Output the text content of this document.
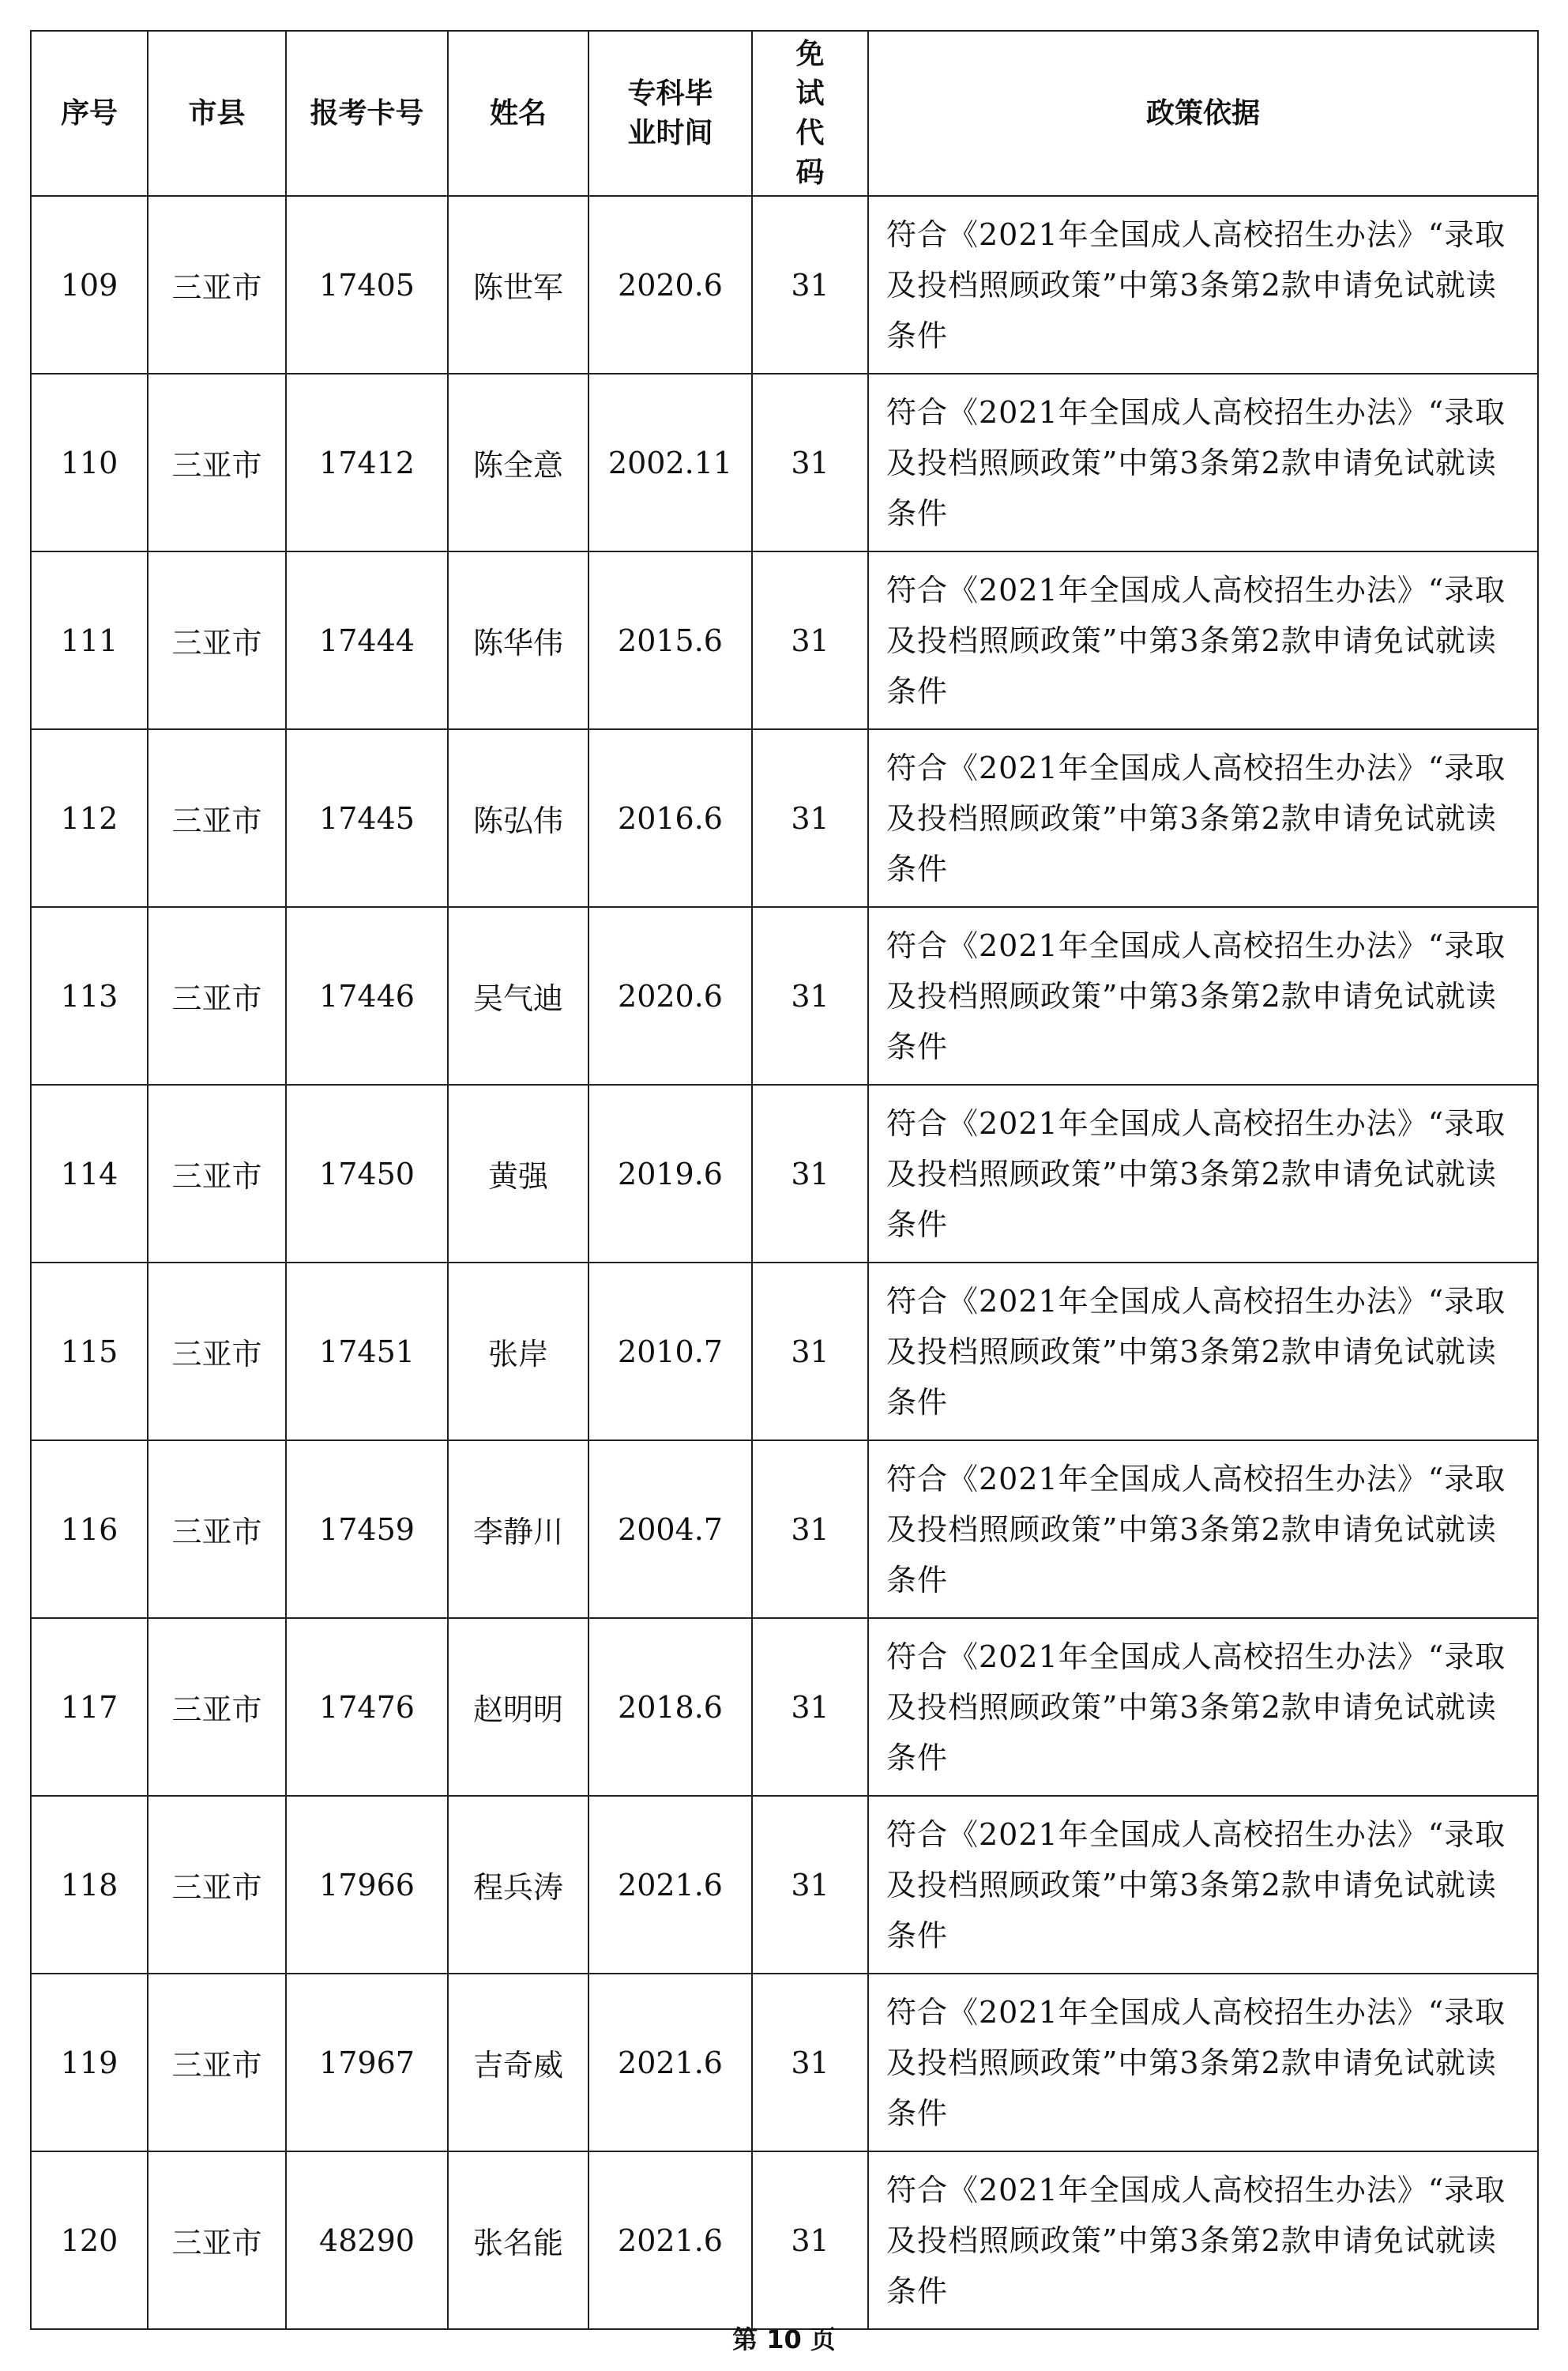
序号	市县	报考卡号	姓名	专科毕业时间	免试代码	政策依据
109	三亚市	17405	陈世军	2020.6	31	符合《2021年全国成人高校招生办法》“录取及投档照顾政策”中第3条第2款申请免试就读条件
110	三亚市	17412	陈全意	2002.11	31	符合《2021年全国成人高校招生办法》“录取及投档照顾政策”中第3条第2款申请免试就读条件
111	三亚市	17444	陈华伟	2015.6	31	符合《2021年全国成人高校招生办法》“录取及投档照顾政策”中第3条第2款申请免试就读条件
112	三亚市	17445	陈弘伟	2016.6	31	符合《2021年全国成人高校招生办法》“录取及投档照顾政策”中第3条第2款申请免试就读条件
113	三亚市	17446	吴气迪	2020.6	31	符合《2021年全国成人高校招生办法》“录取及投档照顾政策”中第3条第2款申请免试就读条件
114	三亚市	17450	黄强	2019.6	31	符合《2021年全国成人高校招生办法》“录取及投档照顾政策”中第3条第2款申请免试就读条件
115	三亚市	17451	张岸	2010.7	31	符合《2021年全国成人高校招生办法》“录取及投档照顾政策”中第3条第2款申请免试就读条件
116	三亚市	17459	李静川	2004.7	31	符合《2021年全国成人高校招生办法》“录取及投档照顾政策”中第3条第2款申请免试就读条件
117	三亚市	17476	赵明明	2018.6	31	符合《2021年全国成人高校招生办法》“录取及投档照顾政策”中第3条第2款申请免试就读条件
118	三亚市	17966	程兵涛	2021.6	31	符合《2021年全国成人高校招生办法》“录取及投档照顾政策”中第3条第2款申请免试就读条件
119	三亚市	17967	吉奇威	2021.6	31	符合《2021年全国成人高校招生办法》“录取及投档照顾政策”中第3条第2款申请免试就读条件
120	三亚市	48290	张名能	2021.6	31	符合《2021年全国成人高校招生办法》“录取及投档照顾政策”中第3条第2款申请免试就读条件
第 10 页
